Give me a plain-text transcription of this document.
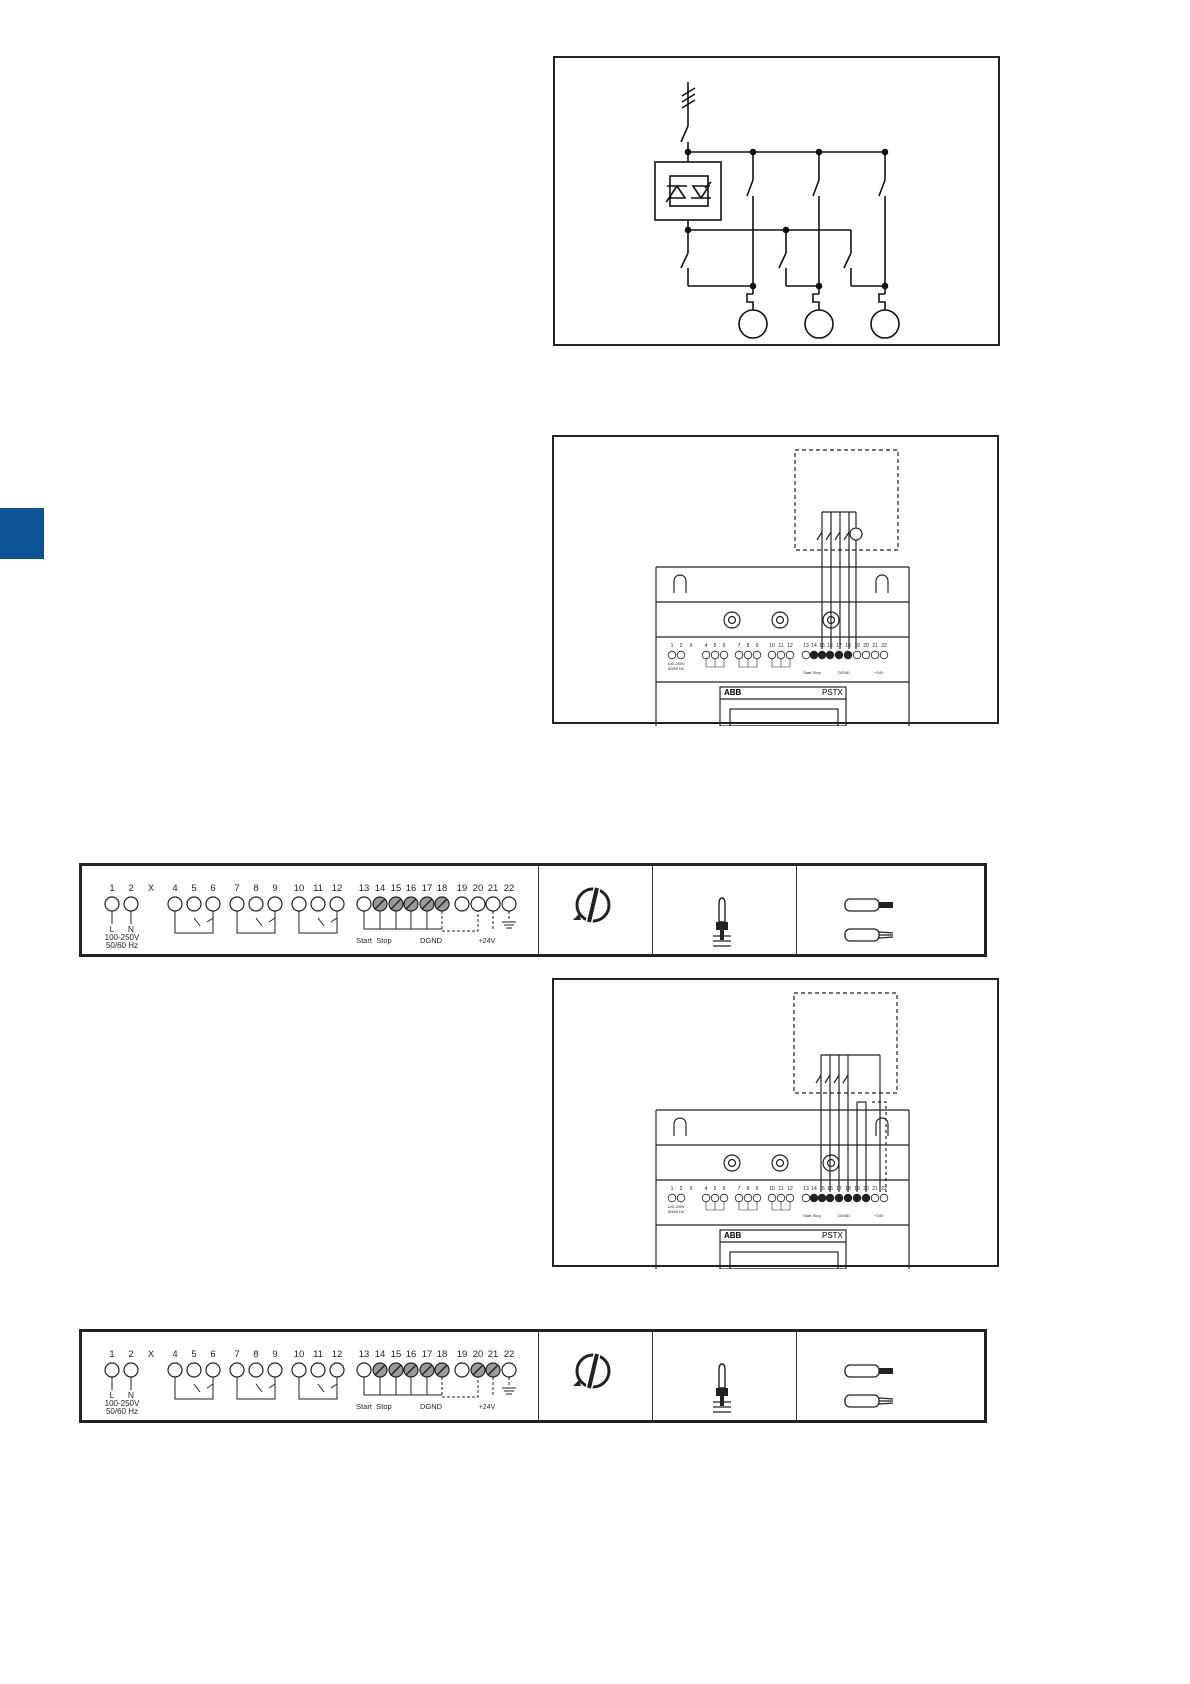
1 2 X 4 5 6 7 8 9 10 11 12 13 14 15 16 17 18 19 20 21 22
100-250V
50/60 Hz
Start Stop	DGND	+24V
ABB	PSTX
1 2 X 4 5 6 7 8 9 10 11 12 13 14 15 16 17 18 19 20 21 22
L N
100-250V
50/60 Hz
Start Stop	DGND	+24V
1 2 X 4 5 6 7 8 9 10 11 12 13 14 15 16 17 18 19 20 21 22
100-250V
50/60 Hz
Start Stop	DGND	+24V
ABB	PSTX
1 2 X 4 5 6 7 8 9 10 11 12 13 14 15 16 17 18 19 20 21 22
L N
100-250V
50/60 Hz
Start Stop	DGND	+24V
